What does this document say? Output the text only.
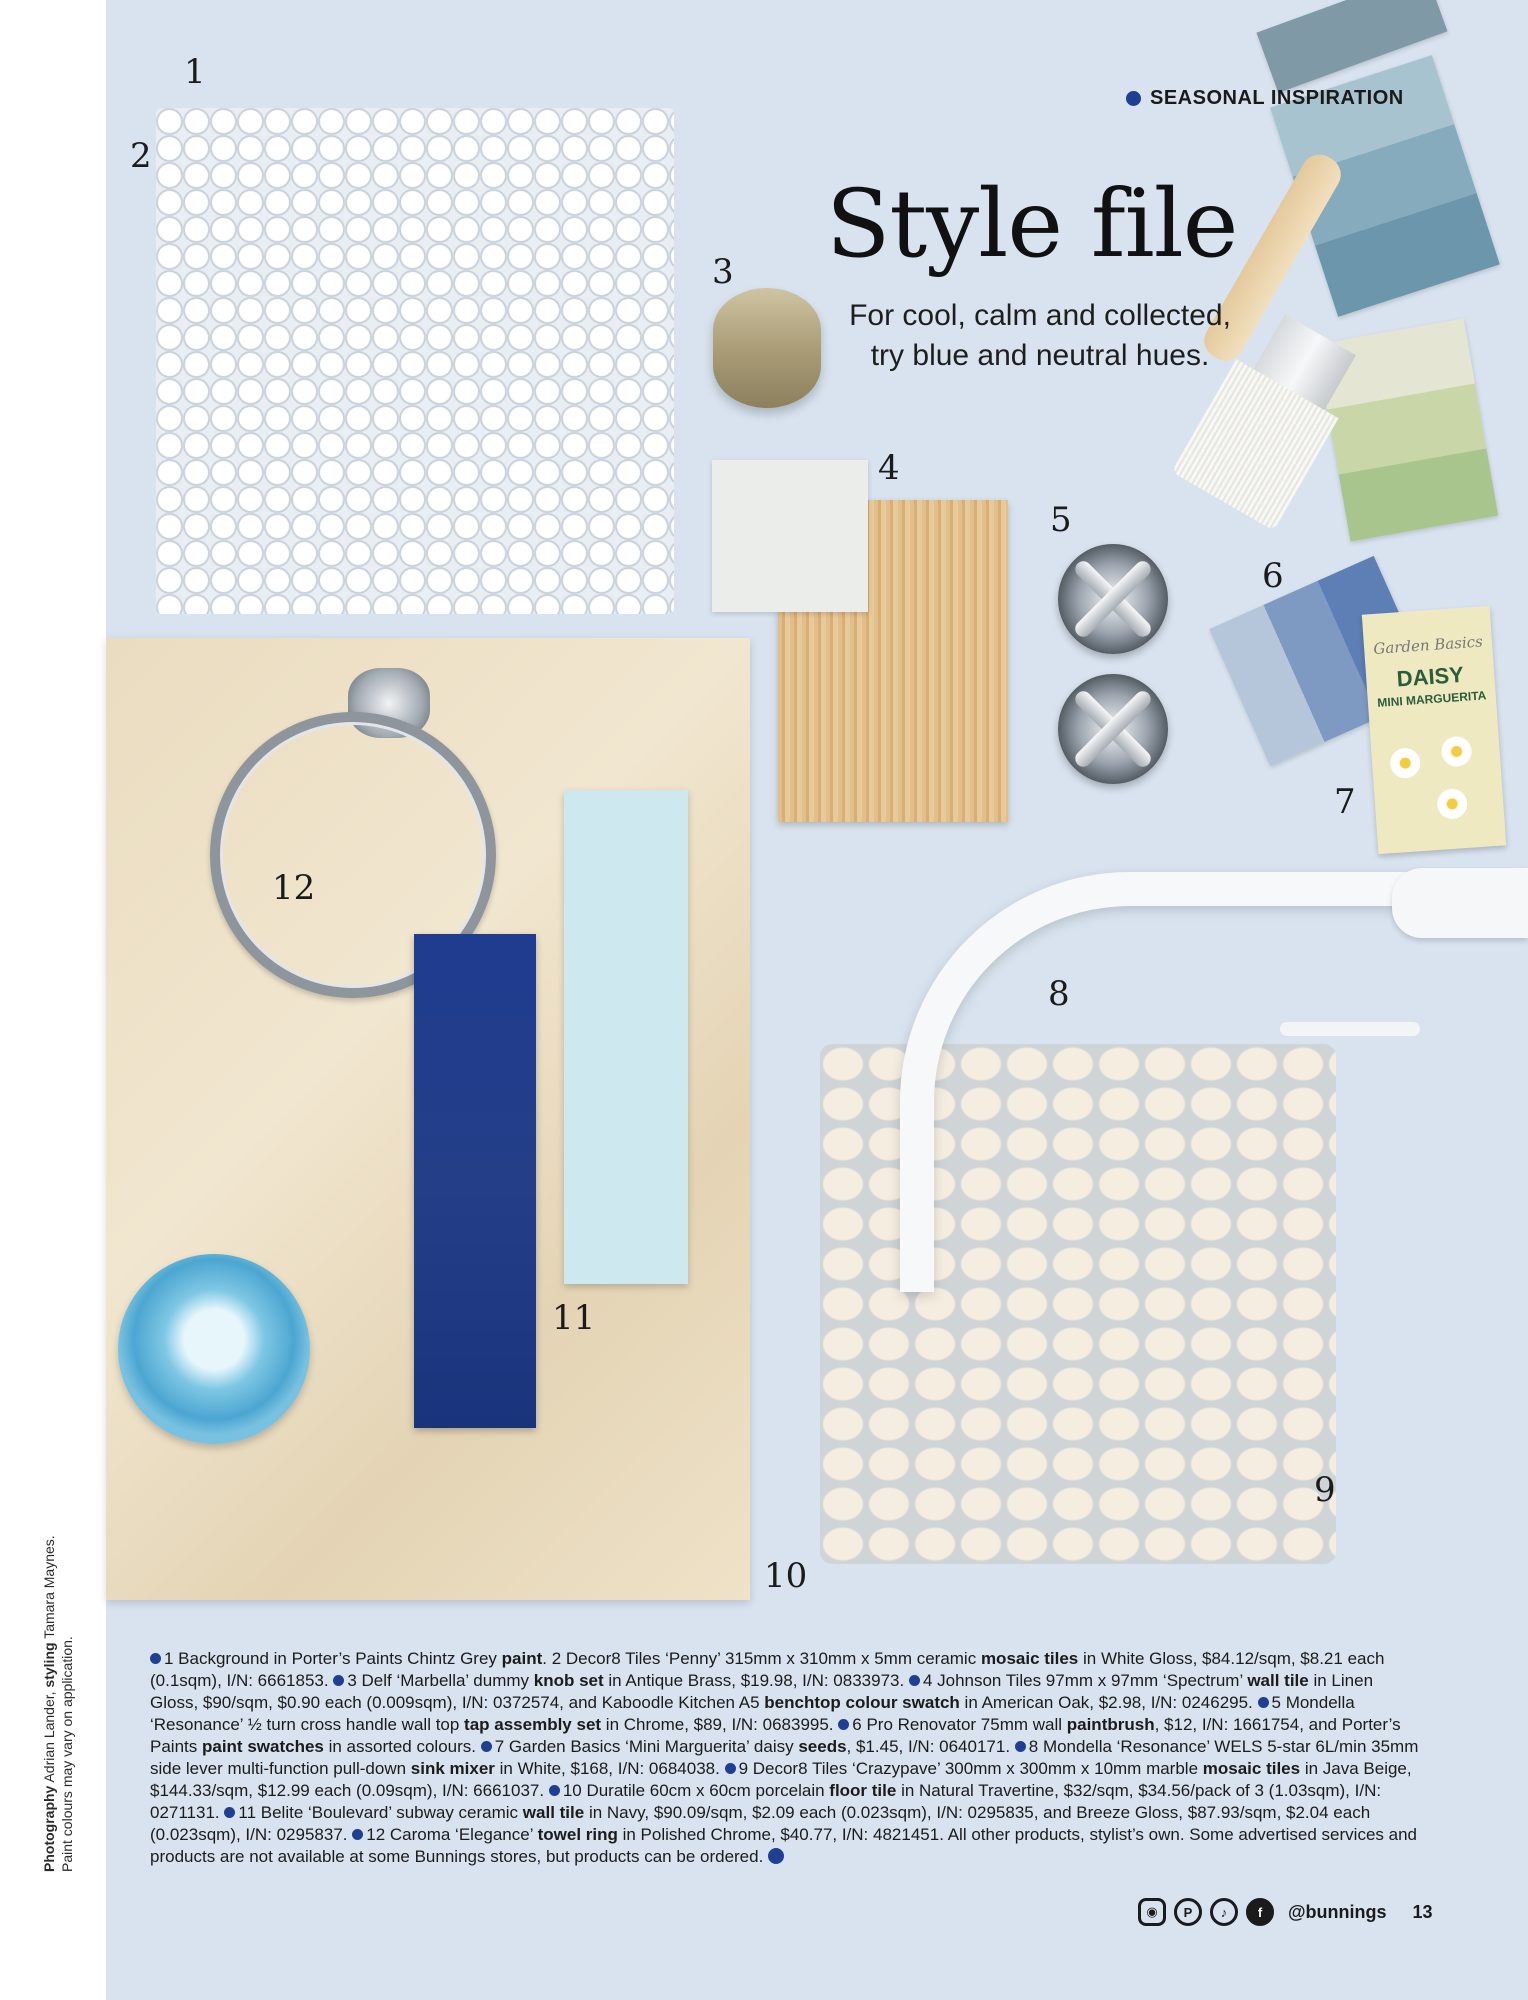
Photography Adrian Lander, styling Tamara Maynes.
Paint colours may vary on application.
Garden Basics
DAISY
MINI MARGUERITA
1
2
3
4
5
6
7
8
9
10
11
12
SEASONAL INSPIRATION
Style file
For cool, calm and collected,
try blue and neutral hues.
1 Background in Porter’s Paints Chintz Grey paint. 2 Decor8 Tiles ‘Penny’ 315mm x 310mm x 5mm ceramic mosaic tiles in White Gloss, $84.12/sqm, $8.21 each (0.1sqm), I/N: 6661853. 3 Delf ‘Marbella’ dummy knob set in Antique Brass, $19.98, I/N: 0833973. 4 Johnson Tiles 97mm x 97mm ‘Spectrum’ wall tile in Linen Gloss, $90/sqm, $0.90 each (0.009sqm), I/N: 0372574, and Kaboodle Kitchen A5 benchtop colour swatch in American Oak, $2.98, I/N: 0246295. 5 Mondella ‘Resonance’ ½ turn cross handle wall top tap assembly set in Chrome, $89, I/N: 0683995. 6 Pro Renovator 75mm wall paintbrush, $12, I/N: 1661754, and Porter’s Paints paint swatches in assorted colours. 7 Garden Basics ‘Mini Marguerita’ daisy seeds, $1.45, I/N: 0640171. 8 Mondella ‘Resonance’ WELS 5-star 6L/min 35mm side lever multi-function pull-down sink mixer in White, $168, I/N: 0684038. 9 Decor8 Tiles ‘Crazypave’ 300mm x 300mm x 10mm marble mosaic tiles in Java Beige, $144.33/sqm, $12.99 each (0.09sqm), I/N: 6661037. 10 Duratile 60cm x 60cm porcelain floor tile in Natural Travertine, $32/sqm, $34.56/pack of 3 (1.03sqm), I/N: 0271131. 11 Belite ‘Boulevard’ subway ceramic wall tile in Navy, $90.09/sqm, $2.09 each (0.023sqm), I/N: 0295835, and Breeze Gloss, $87.93/sqm, $2.04 each (0.023sqm), I/N: 0295837. 12 Caroma ‘Elegance’ towel ring in Polished Chrome, $40.77, I/N: 4821451. All other products, stylist’s own. Some advertised services and products are not available at some Bunnings stores, but products can be ordered.
◉	P	♪	f	@bunnings 13
